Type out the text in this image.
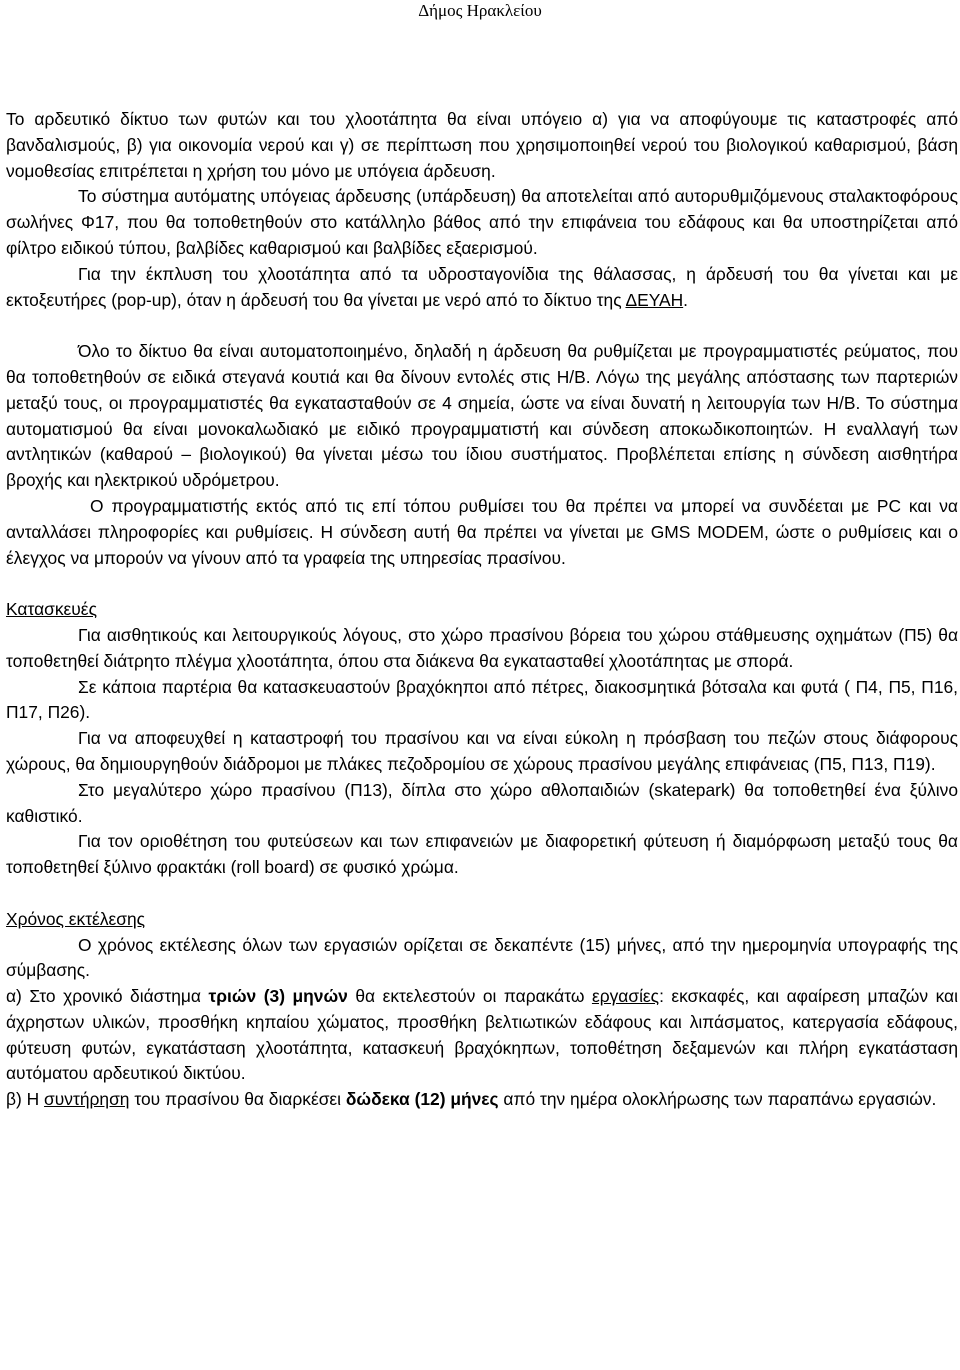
Δήμος Ηρακλείου

Το αρδευτικό δίκτυο των φυτών και του χλοοτάπητα θα είναι υπόγειο α) για να αποφύγουμε τις καταστροφές από βανδαλισμούς, β) για οικονομία νερού και γ) σε περίπτωση που χρησιμοποιηθεί νερού του βιολογικού καθαρισμού, βάση νομοθεσίας επιτρέπεται η χρήση του μόνο με υπόγεια άρδευση.

Το σύστημα αυτόματης υπόγειας άρδευσης (υπάρδευση) θα αποτελείται από αυτορυθμιζόμενους σταλακτοφόρους σωλήνες Φ17, που θα τοποθετηθούν στο κατάλληλο βάθος από την επιφάνεια του εδάφους και θα υποστηρίζεται από φίλτρο ειδικού τύπου, βαλβίδες καθαρισμού και βαλβίδες εξαερισμού.

Για την έκπλυση του χλοοτάπητα από τα υδροσταγονίδια της θάλασσας, η άρδευσή του θα γίνεται και με εκτοξευτήρες (pop-up), όταν η άρδευσή του θα γίνεται με νερό από το δίκτυο της ΔΕΥΑΗ.

Όλο το δίκτυο θα είναι αυτοματοποιημένο, δηλαδή η άρδευση θα ρυθμίζεται με προγραμματιστές ρεύματος, που θα τοποθετηθούν σε ειδικά στεγανά κουτιά και θα δίνουν εντολές στις Η/Β. Λόγω της μεγάλης απόστασης των παρτεριών μεταξύ τους, οι προγραμματιστές θα εγκατασταθούν σε 4 σημεία, ώστε να είναι δυνατή η λειτουργία των Η/Β. Το σύστημα αυτοματισμού θα είναι μονοκαλωδιακό με ειδικό προγραμματιστή και σύνδεση αποκωδικοποιητών. Η εναλλαγή των αντλητικών (καθαρού – βιολογικού) θα γίνεται μέσω του ίδιου συστήματος. Προβλέπεται επίσης η σύνδεση αισθητήρα βροχής και ηλεκτρικού υδρόμετρου.

Ο προγραμματιστής εκτός από τις επί τόπου ρυθμίσει του θα πρέπει να μπορεί να συνδέεται με PC και να ανταλλάσει πληροφορίες και ρυθμίσεις. Η σύνδεση αυτή θα πρέπει να γίνεται με GMS MODEM, ώστε ο ρυθμίσεις και ο έλεγχος να μπορούν να γίνουν από τα γραφεία της υπηρεσίας πρασίνου.

Κατασκευές

Για αισθητικούς και λειτουργικούς λόγους, στο χώρο πρασίνου βόρεια του χώρου στάθμευσης οχημάτων (Π5) θα τοποθετηθεί διάτρητο πλέγμα χλοοτάπητα, όπου στα διάκενα θα εγκατασταθεί χλοοτάπητας με σπορά.

Σε κάποια παρτέρια θα κατασκευαστούν βραχόκηποι από πέτρες, διακοσμητικά βότσαλα και φυτά ( Π4, Π5, Π16, Π17, Π26).

Για να αποφευχθεί η καταστροφή του πρασίνου και να είναι εύκολη η πρόσβαση του πεζών στους διάφορους χώρους, θα δημιουργηθούν διάδρομοι με πλάκες πεζοδρομίου σε χώρους πρασίνου μεγάλης επιφάνειας (Π5, Π13, Π19).

Στο μεγαλύτερο χώρο πρασίνου (Π13), δίπλα στο χώρο αθλοπαιδιών (skatepark) θα τοποθετηθεί ένα ξύλινο καθιστικό.

Για τον οριοθέτηση του φυτεύσεων και των επιφανειών με διαφορετική φύτευση ή διαμόρφωση μεταξύ τους θα τοποθετηθεί ξύλινο φρακτάκι (roll board) σε φυσικό χρώμα.

Χρόνος εκτέλεσης

Ο χρόνος εκτέλεσης όλων των εργασιών ορίζεται σε δεκαπέντε (15) μήνες, από την ημερομηνία υπογραφής της σύμβασης.

α) Στο χρονικό διάστημα τριών (3) μηνών θα εκτελεστούν οι παρακάτω εργασίες: εκσκαφές, και αφαίρεση μπαζών και άχρηστων υλικών, προσθήκη κηπαίου χώματος, προσθήκη βελτιωτικών εδάφους και λιπάσματος, κατεργασία εδάφους, φύτευση φυτών, εγκατάσταση χλοοτάπητα, κατασκευή βραχόκηπων, τοποθέτηση δεξαμενών και πλήρη εγκατάσταση αυτόματου αρδευτικού δικτύου.

β) Η συντήρηση του πρασίνου θα διαρκέσει δώδεκα (12) μήνες από την ημέρα ολοκλήρωσης των παραπάνω εργασιών.
